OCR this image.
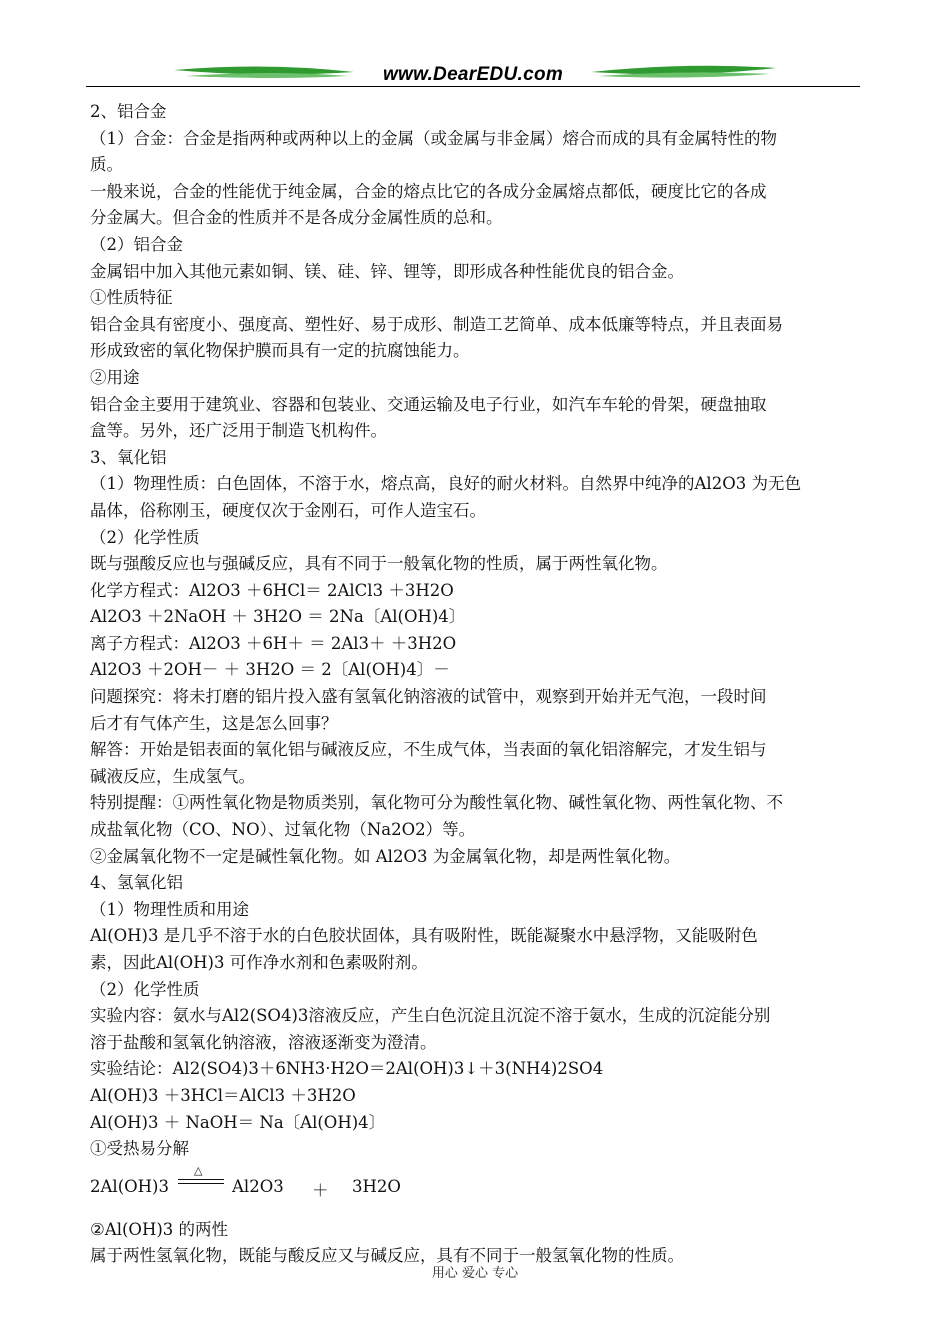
www.DearEDU.com
2、铝合金
（1）合金：合金是指两种或两种以上的金属（或金属与非金属）熔合而成的具有金属特性的物
质。
一般来说，合金的性能优于纯金属，合金的熔点比它的各成分金属熔点都低，硬度比它的各成
分金属大。但合金的性质并不是各成分金属性质的总和。
（2）铝合金
金属铝中加入其他元素如铜、镁、硅、锌、锂等，即形成各种性能优良的铝合金。
①性质特征
铝合金具有密度小、强度高、塑性好、易于成形、制造工艺简单、成本低廉等特点，并且表面易
形成致密的氧化物保护膜而具有一定的抗腐蚀能力。
②用途
铝合金主要用于建筑业、容器和包装业、交通运输及电子行业，如汽车车轮的骨架，硬盘抽取
盒等。另外，还广泛用于制造飞机构件。
3、氧化铝
（1）物理性质：白色固体，不溶于水，熔点高，良好的耐火材料。自然界中纯净的Al2O3 为无色
晶体，俗称刚玉，硬度仅次于金刚石，可作人造宝石。
（2）化学性质
既与强酸反应也与强碱反应，具有不同于一般氧化物的性质，属于两性氧化物。
化学方程式：Al2O3 ＋6HCl＝ 2AlCl3 ＋3H2O
Al2O3 ＋2NaOH ＋ 3H2O ＝ 2Na〔Al(OH)4〕
离子方程式：Al2O3 ＋6H＋ ＝ 2Al3＋ ＋3H2O
Al2O3 ＋2OH－ ＋ 3H2O ＝ 2〔Al(OH)4〕－
问题探究：将未打磨的铝片投入盛有氢氧化钠溶液的试管中，观察到开始并无气泡，一段时间
后才有气体产生，这是怎么回事？
解答：开始是铝表面的氧化铝与碱液反应，不生成气体，当表面的氧化铝溶解完，才发生铝与
碱液反应，生成氢气。
特别提醒：①两性氧化物是物质类别，氧化物可分为酸性氧化物、碱性氧化物、两性氧化物、不
成盐氧化物（CO、NO）、过氧化物（Na2O2）等。
②金属氧化物不一定是碱性氧化物。如 Al2O3 为金属氧化物，却是两性氧化物。
4、氢氧化铝
（1）物理性质和用途
Al(OH)3 是几乎不溶于水的白色胶状固体，具有吸附性，既能凝聚水中悬浮物，又能吸附色
素，因此Al(OH)3 可作净水剂和色素吸附剂。
（2）化学性质
实验内容：氨水与Al2(SO4)3溶液反应，产生白色沉淀且沉淀不溶于氨水，生成的沉淀能分别
溶于盐酸和氢氧化钠溶液，溶液逐渐变为澄清。
实验结论：Al2(SO4)3＋6NH3·H2O＝2Al(OH)3↓＋3(NH4)2SO4
Al(OH)3 ＋3HCl＝AlCl3 ＋3H2O
Al(OH)3 ＋ NaOH＝ Na〔Al(OH)4〕
①受热易分解
2Al(OH)3
△
Al2O3 ＋ 3H2O
②Al(OH)3 的两性
属于两性氢氧化物，既能与酸反应又与碱反应，具有不同于一般氢氧化物的性质。
用心 爱心 专心
